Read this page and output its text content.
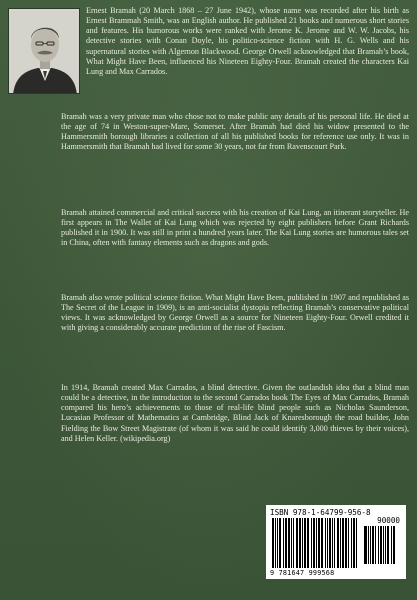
Ernest Bramah (20 March 1868 – 27 June 1942), whose name was recorded after his birth as Ernest Brammah Smith, was an English author. He published 21 books and numerous short stories and features. His humorous works were ranked with Jerome K. Jerome and W. W. Jacobs, his detective stories with Conan Doyle, his politico-science fiction with H. G. Wells and his supernatural stories with Algernon Blackwood. George Orwell acknowledged that Bramah’s book, What Might Have Been, influenced his Nineteen Eighty-Four. Bramah created the characters Kai Lung and Max Carrados.

Bramah was a very private man who chose not to make public any details of his personal life. He died at the age of 74 in Weston-super-Mare, Somerset. After Bramah had died his widow presented to the Hammersmith borough libraries a collection of all his published books for reference use only. It was in Hammersmith that Bramah had lived for some 30 years, not far from Ravenscourt Park.

Bramah attained commercial and critical success with his creation of Kai Lung, an itinerant storyteller. He first appears in The Wallet of Kai Lung which was rejected by eight publishers before Grant Richards published it in 1900. It was still in print a hundred years later. The Kai Lung stories are humorous tales set in China, often with fantasy elements such as dragons and gods.

Bramah also wrote political science fiction. What Might Have Been, published in 1907 and republished as The Secret of the League in 1909), is an anti-socialist dystopia reflecting Bramah’s conservative political views. It was acknowledged by George Orwell as a source for Nineteen Eighty-Four. Orwell credited it with giving a considerably accurate prediction of the rise of Fascism.

In 1914, Bramah created Max Carrados, a blind detective. Given the outlandish idea that a blind man could be a detective, in the introduction to the second Carrados book The Eyes of Max Carrados, Bramah compared his hero’s achievements to those of real-life blind people such as Nicholas Saunderson, Lucasian Professor of Mathematics at Cambridge, Blind Jack of Knaresborough the road builder, John Fielding the Bow Street Magistrate (of whom it was said he could identify 3,000 thieves by their voices), and Helen Keller. (wikipedia.org)

ISBN 978-1-64799-956-8
90000
9 781647 999568
